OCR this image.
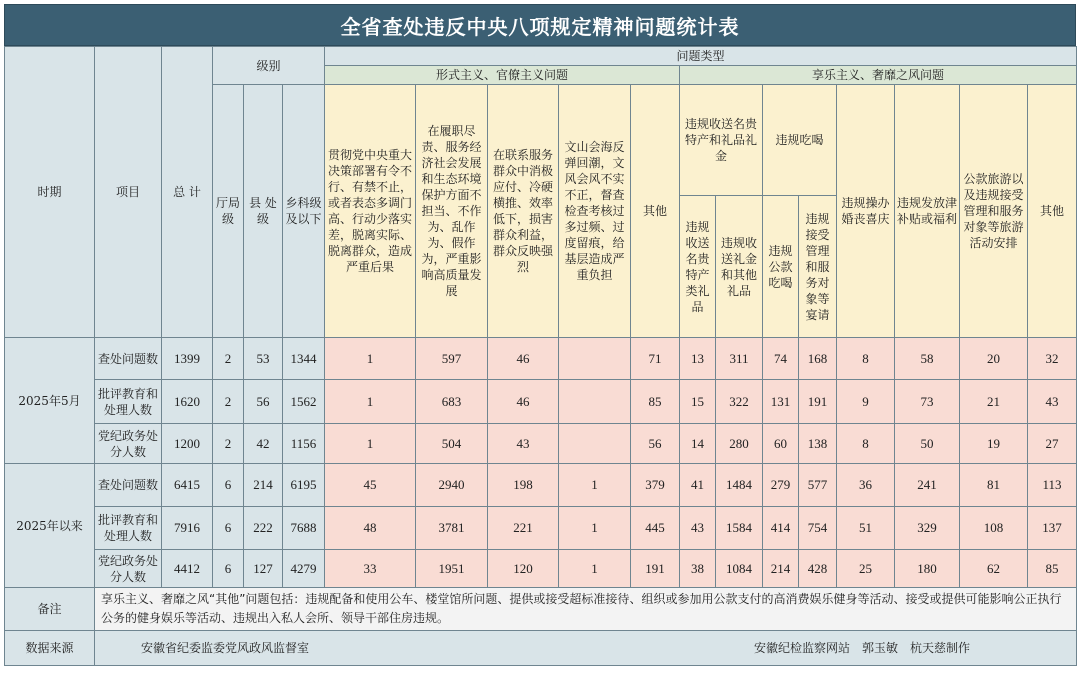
全省查处违反中央八项规定精神问题统计表
时期	项目	总 计	级别			问题类型												
						形式主义、官僚主义问题					享乐主义、奢靡之风问题							
			厅局级	县 处 级	乡科级及以下	贯彻党中央重大决策部署有令不行、有禁不止，或者表态多调门高、行动少落实差，脱离实际、脱离群众，造成严重后果	在履职尽责、服务经济社会发展和生态环境保护方面不担当、不作为、乱作为、假作为，严重影响高质量发展	在联系服务群众中消极应付、冷硬横推、效率低下，损害群众利益，群众反映强烈	文山会海反弹回潮，文风会风不实不正，督查检查考核过多过频、过度留痕，给基层造成严重负担	其他	违规收送名贵特产和礼品礼金		违规吃喝		违规操办婚丧喜庆	违规发放津补贴或福利	公款旅游以及违规接受管理和服务对象等旅游活动安排	其他
											违规收送名贵特产类礼品	违规收送礼金和其他礼品	违规公款吃喝	违规接受管理和服务对象等宴请				
2025年5月	查处问题数	1399	2	53	1344	1	597	46		71	13	311	74	168	8	58	20	32
	批评教育和处理人数	1620	2	56	1562	1	683	46		85	15	322	131	191	9	73	21	43
	党纪政务处分人数	1200	2	42	1156	1	504	43		56	14	280	60	138	8	50	19	27
2025年以来	查处问题数	6415	6	214	6195	45	2940	198	1	379	41	1484	279	577	36	241	81	113
	批评教育和处理人数	7916	6	222	7688	48	3781	221	1	445	43	1584	414	754	51	329	108	137
	党纪政务处分人数	4412	6	127	4279	33	1951	120	1	191	38	1084	214	428	25	180	62	85
备注	享乐主义、奢靡之风“其他”问题包括：违规配备和使用公车、楼堂馆所问题、提供或接受超标准接待、组织或参加用公款支付的高消费娱乐健身等活动、接受或提供可能影响公正执行公务的健身娱乐等活动、违规出入私人会所、领导干部住房违规。																	
数据来源	安徽省纪委监委党风政风监督室 安徽纪检监察网站　郭玉敏　杭天慈制作																	
